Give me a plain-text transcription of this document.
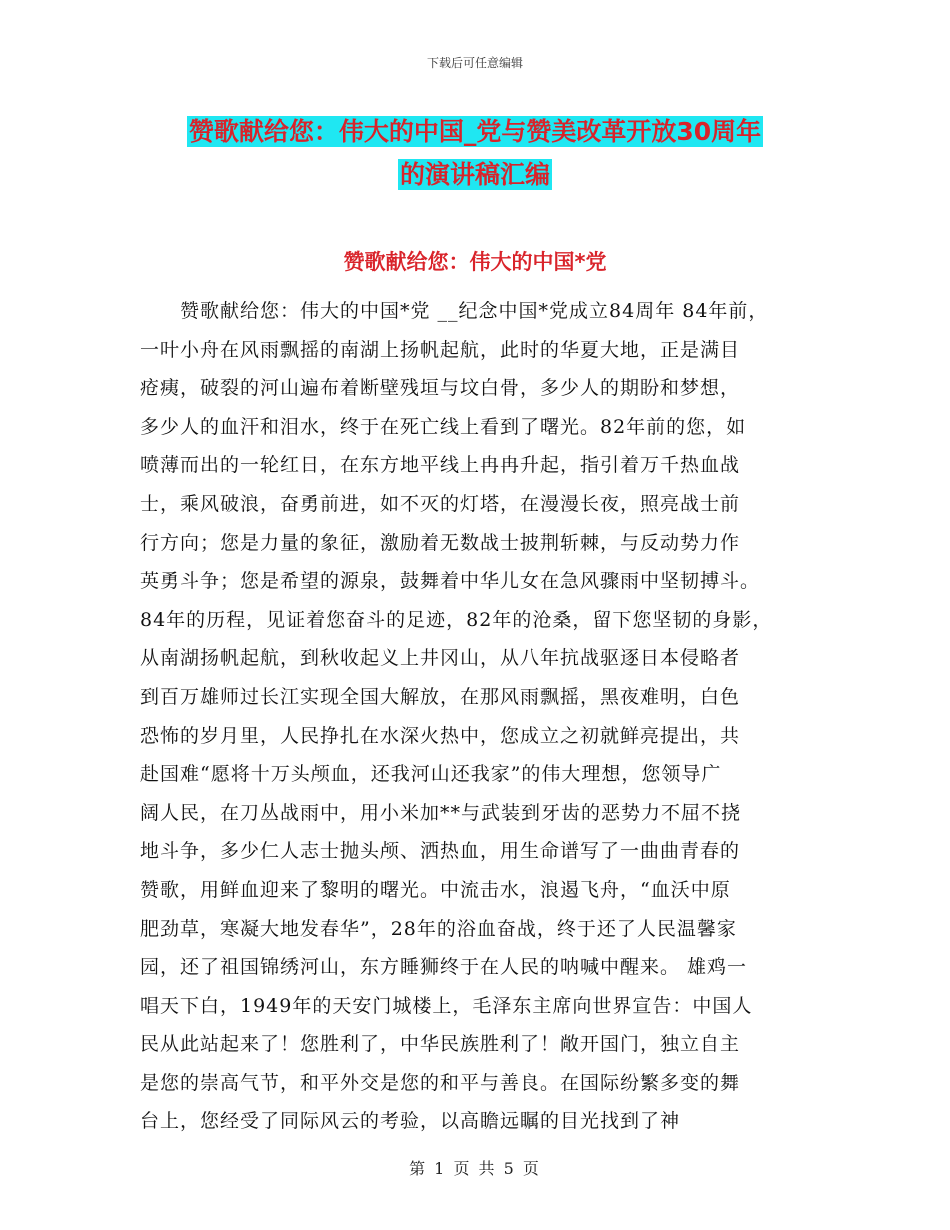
下载后可任意编辑
赞歌献给您：伟大的中国_党与赞美改革开放30周年
的演讲稿汇编
赞歌献给您：伟大的中国*党
　　赞歌献给您：伟大的中国*党 __纪念中国*党成立84周年 84年前，
一叶小舟在风雨飘摇的南湖上扬帆起航，此时的华夏大地，正是满目
疮痍，破裂的河山遍布着断壁残垣与坟白骨，多少人的期盼和梦想，
多少人的血汗和泪水，终于在死亡线上看到了曙光。82年前的您，如
喷薄而出的一轮红日，在东方地平线上冉冉升起，指引着万千热血战
士，乘风破浪，奋勇前进，如不灭的灯塔，在漫漫长夜，照亮战士前
行方向；您是力量的象征，激励着无数战士披荆斩棘，与反动势力作
英勇斗争；您是希望的源泉，鼓舞着中华儿女在急风骤雨中坚韧搏斗。
84年的历程，见证着您奋斗的足迹，82年的沧桑，留下您坚韧的身影，
从南湖扬帆起航，到秋收起义上井冈山，从八年抗战驱逐日本侵略者
到百万雄师过长江实现全国大解放，在那风雨飘摇，黑夜难明，白色
恐怖的岁月里，人民挣扎在水深火热中，您成立之初就鲜亮提出，共
赴国难“愿将十万头颅血，还我河山还我家”的伟大理想，您领导广
阔人民，在刀丛战雨中，用小米加**与武装到牙齿的恶势力不屈不挠
地斗争，多少仁人志士抛头颅、洒热血，用生命谱写了一曲曲青春的
赞歌，用鲜血迎来了黎明的曙光。中流击水，浪遏飞舟，“血沃中原
肥劲草，寒凝大地发春华”，28年的浴血奋战，终于还了人民温馨家
园，还了祖国锦绣河山，东方睡狮终于在人民的呐喊中醒来。 雄鸡一
唱天下白，1949年的天安门城楼上，毛泽东主席向世界宣告：中国人
民从此站起来了！您胜利了，中华民族胜利了！敞开国门，独立自主
是您的崇高气节，和平外交是您的和平与善良。在国际纷繁多变的舞
台上，您经受了同际风云的考验，以高瞻远瞩的目光找到了神
第 1 页 共 5 页
